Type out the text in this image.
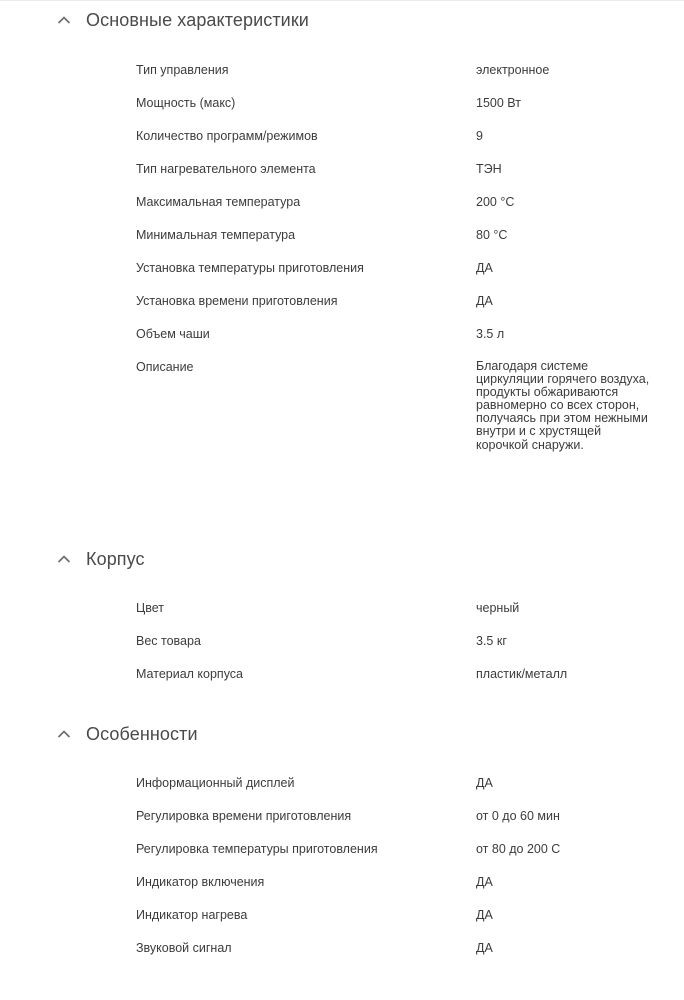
Основные характеристики
Тип управления	электронное
Мощность (макс)	1500 Вт
Количество программ/режимов	9
Тип нагревательного элемента	ТЭН
Максимальная температура	200 °С
Минимальная температура	80 °С
Установка температуры приготовления	ДА
Установка времени приготовления	ДА
Объем чаши	3.5 л
Описание	Благодаря системе циркуляции горячего воздуха, продукты обжариваются равномерно со всех сторон, получаясь при этом нежными внутри и с хрустящей корочкой снаружи.
Корпус
Цвет	черный
Вес товара	3.5 кг
Материал корпуса	пластик/металл
Особенности
Информационный дисплей	ДА
Регулировка времени приготовления	от 0 до 60 мин
Регулировка температуры приготовления	от 80 до 200 С
Индикатор включения	ДА
Индикатор нагрева	ДА
Звуковой сигнал	ДА
